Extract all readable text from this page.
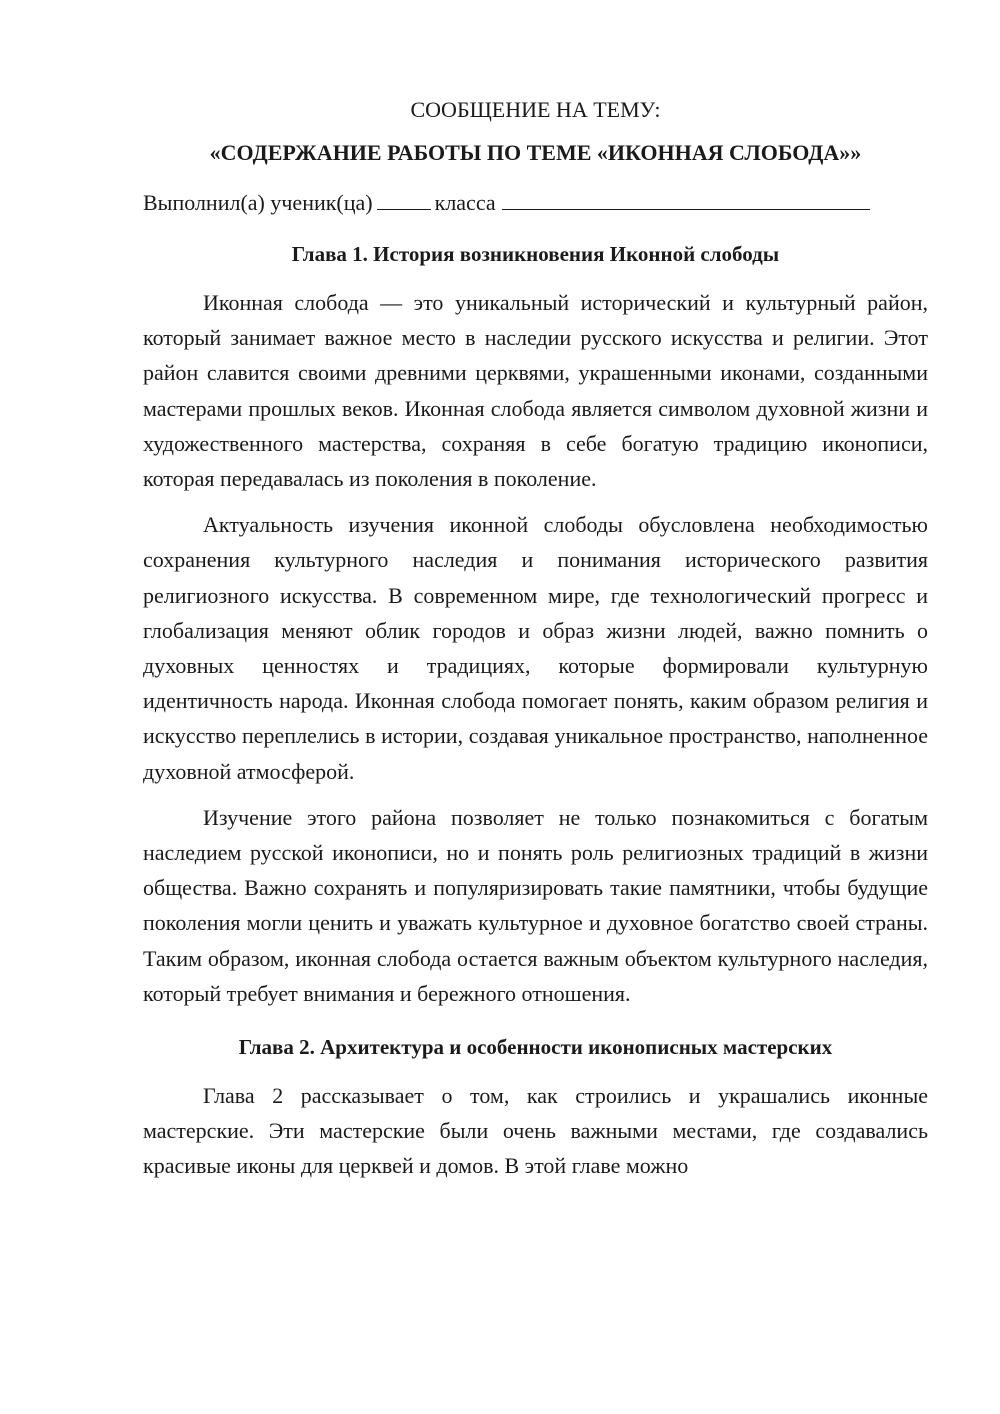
СООБЩЕНИЕ НА ТЕМУ:
«СОДЕРЖАНИЕ РАБОТЫ ПО ТЕМЕ «ИКОННАЯ СЛОБОДА»»
Выполнил(а) ученик(ца)	класса
Глава 1. История возникновения Иконной слободы

Иконная слобода — это уникальный исторический и культурный район, который занимает важное место в наследии русского искусства и религии. Этот район славится своими древними церквями, украшенными иконами, созданными мастерами прошлых веков. Иконная слобода является символом духовной жизни и художественного мастерства, сохраняя в себе богатую традицию иконописи, которая передавалась из поколения в поколение.

Актуальность изучения иконной слободы обусловлена необходимостью сохранения культурного наследия и понимания исторического развития религиозного искусства. В современном мире, где технологический прогресс и глобализация меняют облик городов и образ жизни людей, важно помнить о духовных ценностях и традициях, которые формировали культурную идентичность народа. Иконная слобода помогает понять, каким образом религия и искусство переплелись в истории, создавая уникальное пространство, наполненное духовной атмосферой.

Изучение этого района позволяет не только познакомиться с богатым наследием русской иконописи, но и понять роль религиозных традиций в жизни общества. Важно сохранять и популяризировать такие памятники, чтобы будущие поколения могли ценить и уважать культурное и духовное богатство своей страны. Таким образом, иконная слобода остается важным объектом культурного наследия, который требует внимания и бережного отношения.

Глава 2. Архитектура и особенности иконописных мастерских

Глава 2 рассказывает о том, как строились и украшались иконные мастерские. Эти мастерские были очень важными местами, где создавались красивые иконы для церквей и домов. В этой главе можно
